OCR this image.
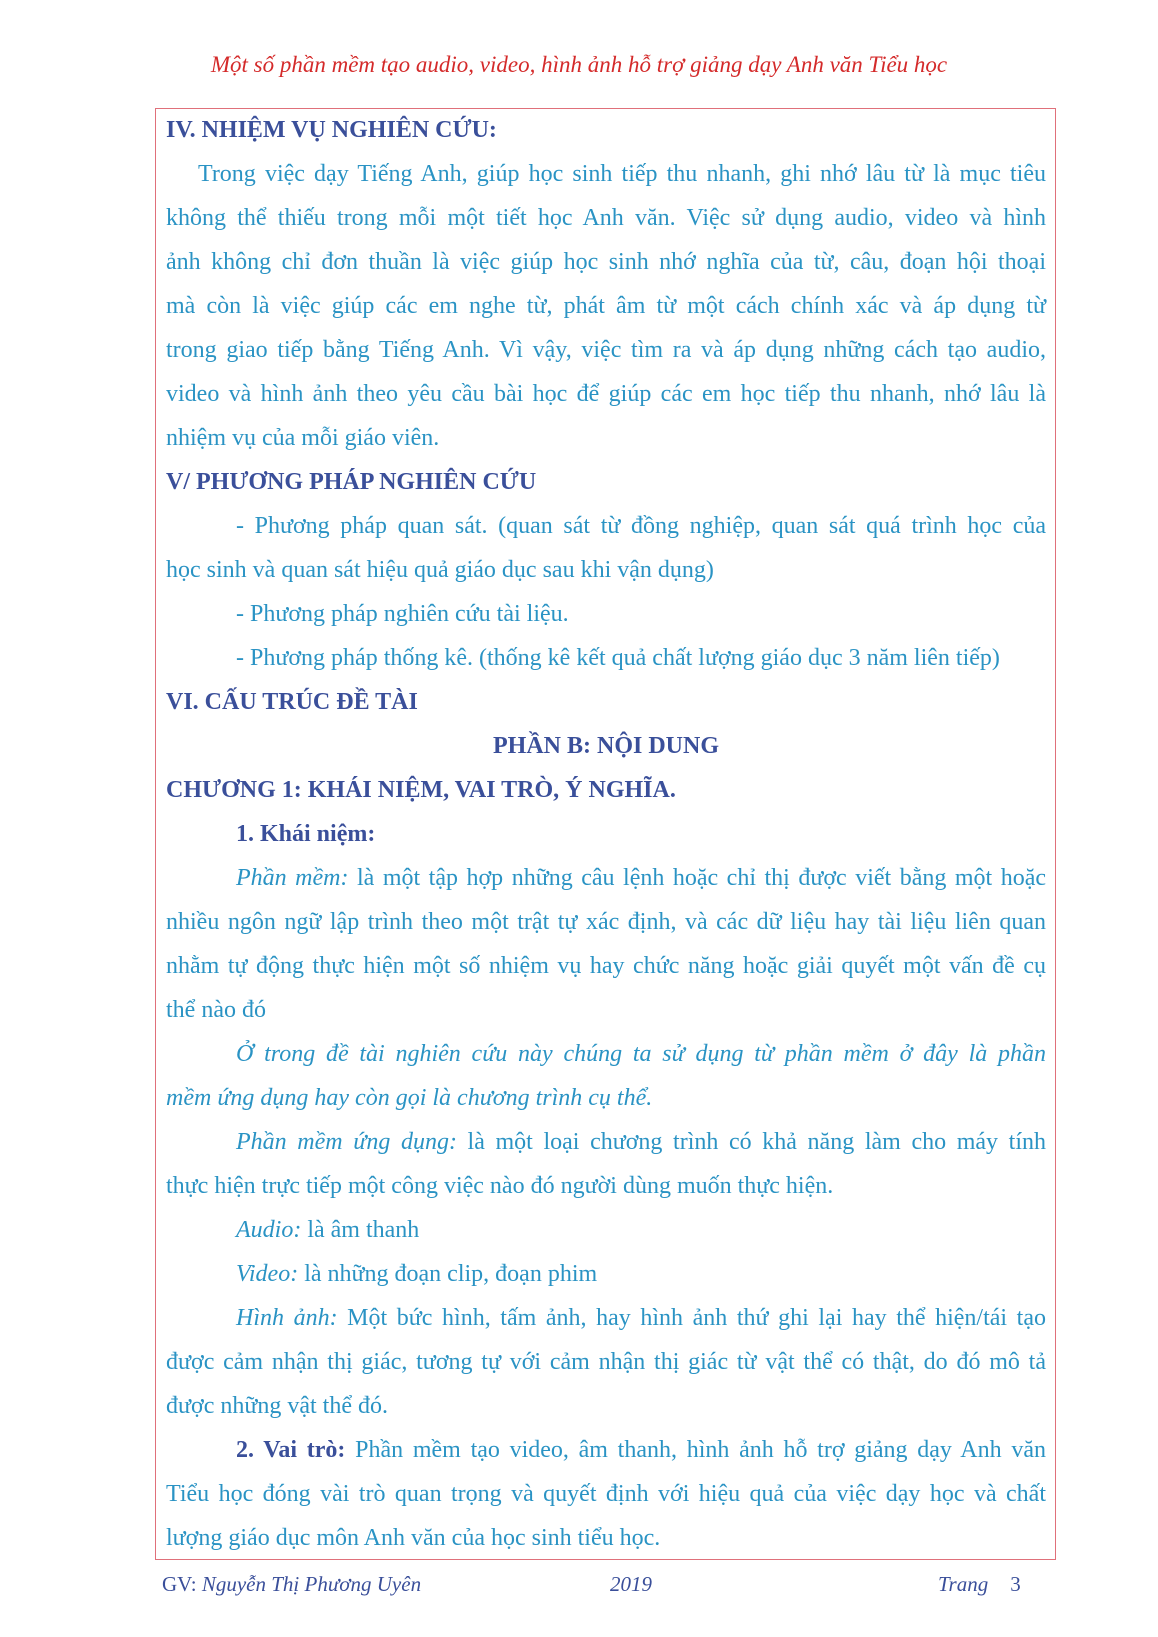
Một số phần mềm tạo audio, video, hình ảnh hỗ trợ giảng dạy Anh văn Tiểu học

IV. NHIỆM VỤ NGHIÊN CỨU:

Trong việc dạy Tiếng Anh, giúp học sinh tiếp thu nhanh, ghi nhớ lâu từ là mục tiêu

không thể thiếu trong mỗi một tiết học Anh văn. Việc sử dụng audio, video và hình

ảnh không chỉ đơn thuần là việc giúp học sinh nhớ nghĩa của từ, câu, đoạn hội thoại

mà còn là việc giúp các em nghe từ, phát âm từ một cách chính xác và áp dụng từ

trong giao tiếp bằng Tiếng Anh. Vì vậy, việc tìm ra và áp dụng những cách tạo audio,

video và hình ảnh theo yêu cầu bài học để giúp các em học tiếp thu nhanh, nhớ lâu là

nhiệm vụ của mỗi giáo viên.

V/ PHƯƠNG PHÁP NGHIÊN CỨU

- Phương pháp quan sát. (quan sát từ đồng nghiệp, quan sát quá trình học của

học sinh và quan sát hiệu quả giáo dục sau khi vận dụng)

- Phương pháp nghiên cứu tài liệu.

- Phương pháp thống kê. (thống kê kết quả chất lượng giáo dục 3 năm liên tiếp)

VI. CẤU TRÚC ĐỀ TÀI

PHẦN B: NỘI DUNG

CHƯƠNG 1: KHÁI NIỆM, VAI TRÒ, Ý NGHĨA.

1. Khái niệm:

Phần mềm: là một tập hợp những câu lệnh hoặc chỉ thị được viết bằng một hoặc

nhiều ngôn ngữ lập trình theo một trật tự xác định, và các dữ liệu hay tài liệu liên quan

nhằm tự động thực hiện một số nhiệm vụ hay chức năng hoặc giải quyết một vấn đề cụ

thể nào đó

Ở trong đề tài nghiên cứu này chúng ta sử dụng từ phần mềm ở đây là phần

mềm ứng dụng hay còn gọi là chương trình cụ thể.

Phần mềm ứng dụng: là một loại chương trình có khả năng làm cho máy tính

thực hiện trực tiếp một công việc nào đó người dùng muốn thực hiện.

Audio: là âm thanh

Video: là những đoạn clip, đoạn phim

Hình ảnh: Một bức hình, tấm ảnh, hay hình ảnh thứ ghi lại hay thể hiện/tái tạo

được cảm nhận thị giác, tương tự với cảm nhận thị giác từ vật thể có thật, do đó mô tả

được những vật thể đó.

2. Vai trò: Phần mềm tạo video, âm thanh, hình ảnh hỗ trợ giảng dạy Anh văn

Tiểu học đóng vài trò quan trọng và quyết định với hiệu quả của việc dạy học và chất

lượng giáo dục môn Anh văn của học sinh tiểu học.

GV: Nguyễn Thị Phương Uyên	2019	Trang 3
